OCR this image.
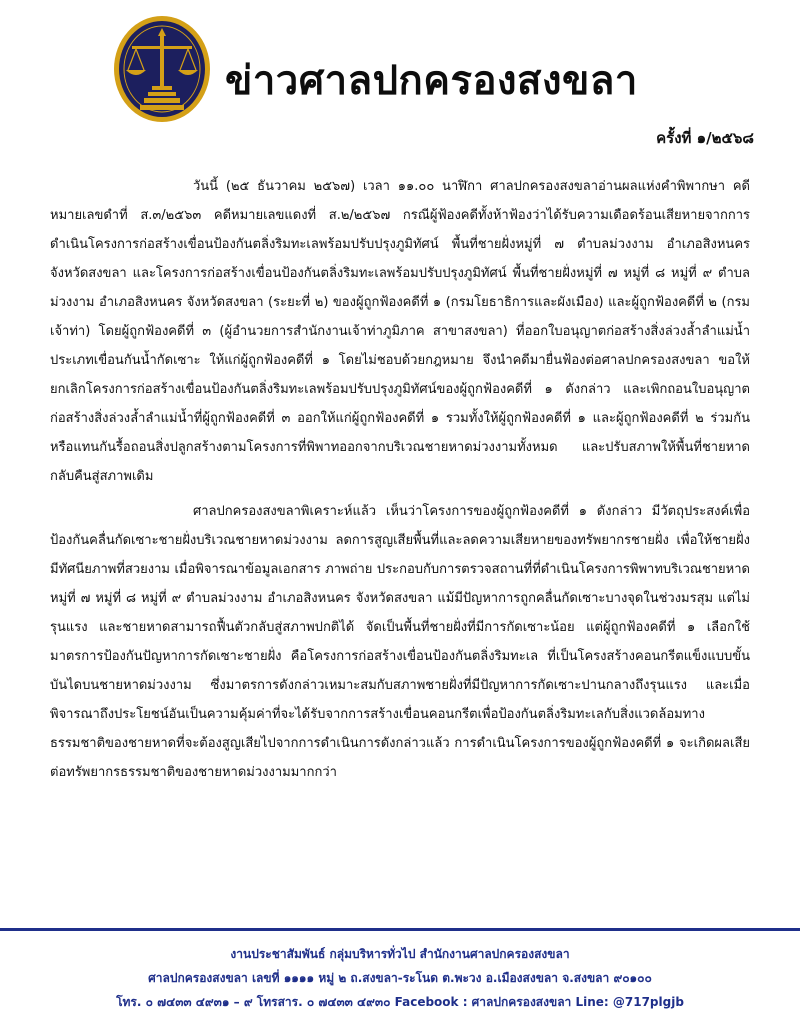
ข่าวศาลปกครองสงขลา
ครั้งที่ ๑/๒๕๖๘

วันนี้ (๒๕ ธันวาคม ๒๕๖๗) เวลา ๑๑.๐๐ นาฬิกา ศาลปกครองสงขลาอ่านผลแห่งคำพิพากษา คดีหมายเลขดำที่ ส.๓/๒๕๖๓ คดีหมายเลขแดงที่ ส.๒/๒๕๖๗ กรณีผู้ฟ้องคดีทั้งห้าฟ้องว่าได้รับความเดือดร้อนเสียหายจากการดำเนินโครงการก่อสร้างเขื่อนป้องกันตลิ่งริมทะเลพร้อมปรับปรุงภูมิทัศน์ พื้นที่ชายฝั่งหมู่ที่ ๗ ตำบลม่วงงาม อำเภอสิงหนคร จังหวัดสงขลา และโครงการก่อสร้างเขื่อนป้องกันตลิ่งริมทะเลพร้อมปรับปรุงภูมิทัศน์ พื้นที่ชายฝั่งหมู่ที่ ๗ หมู่ที่ ๘ หมู่ที่ ๙ ตำบลม่วงงาม อำเภอสิงหนคร จังหวัดสงขลา (ระยะที่ ๒) ของผู้ถูกฟ้องคดีที่ ๑ (กรมโยธาธิการและผังเมือง) และผู้ถูกฟ้องคดีที่ ๒ (กรมเจ้าท่า) โดยผู้ถูกฟ้องคดีที่ ๓ (ผู้อำนวยการสำนักงานเจ้าท่าภูมิภาค สาขาสงขลา) ที่ออกใบอนุญาตก่อสร้างสิ่งล่วงล้ำลำแม่น้ำ ประเภทเขื่อนกันน้ำกัดเซาะ ให้แก่ผู้ถูกฟ้องคดีที่ ๑ โดยไม่ชอบด้วยกฎหมาย จึงนำคดีมายื่นฟ้องต่อศาลปกครองสงขลา ขอให้ยกเลิกโครงการก่อสร้างเขื่อนป้องกันตลิ่งริมทะเลพร้อมปรับปรุงภูมิทัศน์ของผู้ถูกฟ้องคดีที่ ๑ ดังกล่าว และเพิกถอนใบอนุญาตก่อสร้างสิ่งล่วงล้ำลำแม่น้ำที่ผู้ถูกฟ้องคดีที่ ๓ ออกให้แก่ผู้ถูกฟ้องคดีที่ ๑ รวมทั้งให้ผู้ถูกฟ้องคดีที่ ๑ และผู้ถูกฟ้องคดีที่ ๒ ร่วมกันหรือแทนกันรื้อถอนสิ่งปลูกสร้างตามโครงการที่พิพาทออกจากบริเวณชายหาดม่วงงามทั้งหมด และปรับสภาพให้พื้นที่ชายหาดกลับคืนสู่สภาพเดิม

ศาลปกครองสงขลาพิเคราะห์แล้ว เห็นว่าโครงการของผู้ถูกฟ้องคดีที่ ๑ ดังกล่าว มีวัตถุประสงค์เพื่อป้องกันคลื่นกัดเซาะชายฝั่งบริเวณชายหาดม่วงงาม ลดการสูญเสียพื้นที่และลดความเสียหายของทรัพยากรชายฝั่ง เพื่อให้ชายฝั่งมีทัศนียภาพที่สวยงาม เมื่อพิจารณาข้อมูลเอกสาร ภาพถ่าย ประกอบกับการตรวจสถานที่ที่ดำเนินโครงการพิพาทบริเวณชายหาดหมู่ที่ ๗ หมู่ที่ ๘ หมู่ที่ ๙ ตำบลม่วงงาม อำเภอสิงหนคร จังหวัดสงขลา แม้มีปัญหาการถูกคลื่นกัดเซาะบางจุดในช่วงมรสุม แต่ไม่รุนแรง และชายหาดสามารถฟื้นตัวกลับสู่สภาพปกติได้ จัดเป็นพื้นที่ชายฝั่งที่มีการกัดเซาะน้อย แต่ผู้ถูกฟ้องคดีที่ ๑ เลือกใช้มาตรการป้องกันปัญหาการกัดเซาะชายฝั่ง คือโครงการก่อสร้างเขื่อนป้องกันตลิ่งริมทะเล ที่เป็นโครงสร้างคอนกรีตแข็งแบบขั้นบันไดบนชายหาดม่วงงาม ซึ่งมาตรการดังกล่าวเหมาะสมกับสภาพชายฝั่งที่มีปัญหาการกัดเซาะปานกลางถึงรุนแรง และเมื่อพิจารณาถึงประโยชน์อันเป็นความคุ้มค่าที่จะได้รับจากการสร้างเขื่อนคอนกรีตเพื่อป้องกันตลิ่งริมทะเลกับสิ่งแวดล้อมทางธรรมชาติของชายหาดที่จะต้องสูญเสียไปจากการดำเนินการดังกล่าวแล้ว การดำเนินโครงการของผู้ถูกฟ้องคดีที่ ๑ จะเกิดผลเสียต่อทรัพยากรธรรมชาติของชายหาดม่วงงามมากกว่า

งานประชาสัมพันธ์ กลุ่มบริหารทั่วไป สำนักงานศาลปกครองสงขลา
ศาลปกครองสงขลา เลขที่ ๑๑๑๑ หมู่ ๒ ถ.สงขลา-ระโนด ต.พะวง อ.เมืองสงขลา จ.สงขลา ๙๐๑๐๐
โทร. ๐ ๗๔๓๓ ๔๙๓๑ – ๙ โทรสาร. ๐ ๗๔๓๓ ๔๙๓๐ Facebook : ศาลปกครองสงขลา Line: @717plgjb
